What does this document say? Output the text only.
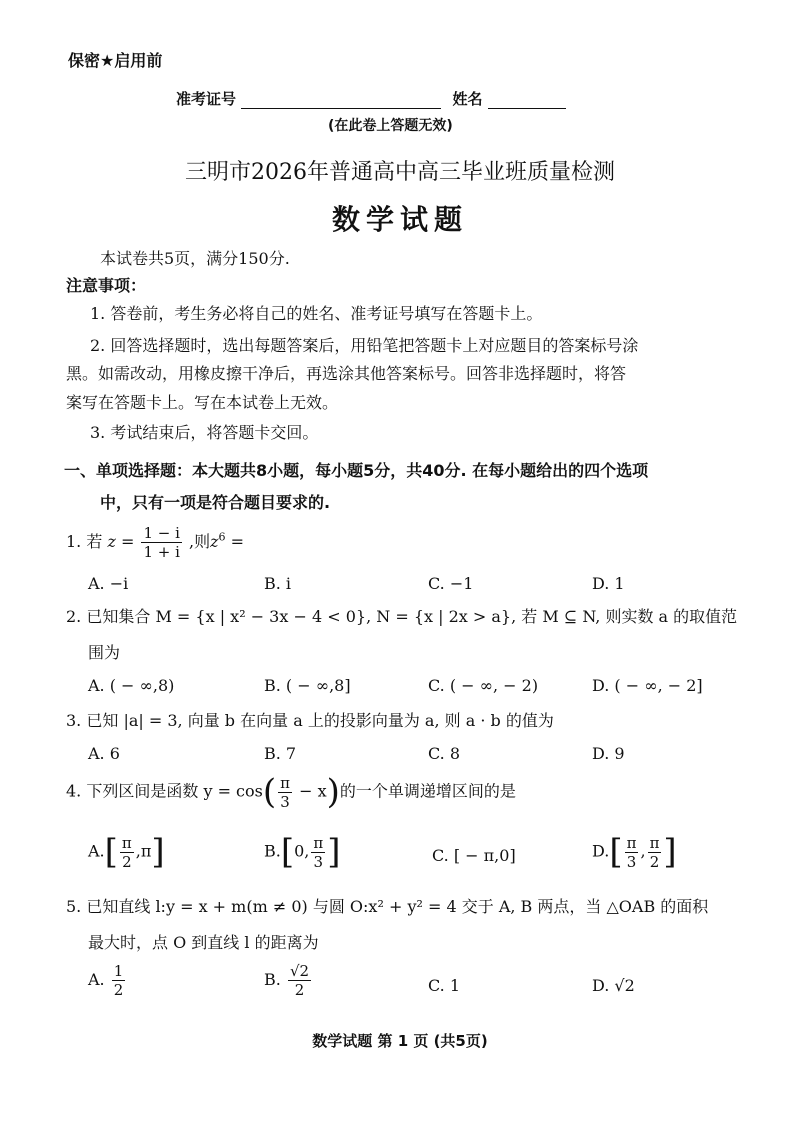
保密★启用前
准考证号	姓名
(在此卷上答题无效)
三明市2026年普通高中高三毕业班质量检测
数学试题
本试卷共5页，满分150分.
注意事项：
1. 答卷前，考生务必将自己的姓名、准考证号填写在答题卡上。
2. 回答选择题时，选出每题答案后，用铅笔把答题卡上对应题目的答案标号涂
黑。如需改动，用橡皮擦干净后，再选涂其他答案标号。回答非选择题时，将答
案写在答题卡上。写在本试卷上无效。
3. 考试结束后，将答题卡交回。
一、单项选择题：本大题共8小题，每小题5分，共40分. 在每小题给出的四个选项
中，只有一项是符合题目要求的.
1. 若 $z = \frac{1 - i}{1 + i}$ ,则$z^6$ =
A. −i	B. i	C. −1	D. 1
2. 已知集合 M = {x | x² − 3x − 4 < 0}, N = {x | 2x > a}, 若 M ⊆ N, 则实数 a 的取值范
围为
A. ( − ∞,8)	B. ( − ∞,8]	C. ( − ∞, − 2)	D. ( − ∞, − 2]
3. 已知 |a| = 3, 向量 b 在向量 a 上的投影向量为 a, 则 a · b 的值为
A. 6	B. 7	C. 8	D. 9
4. 下列区间是函数 $y = \cos( \frac{\pi}{3} - x)$的一个单调递增区间的是
$A.[ \frac{\pi}{2} ,\pi]$	B.[0, $\frac{\pi}{3}$ ]	C. [ − π,0]	$D.[ \frac{\pi}{3}$ , $\frac{\pi}{2}$ ]
5. 已知直线 l:y = x + m(m ≠ 0) 与圆 O:x² + y² = 4 交于 A, B 两点，当 △OAB 的面积
最大时，点 O 到直线 l 的距离为
A. $\frac{1}{2}$	B. $\frac{√2}{2}$	C. 1	D. √2
数学试题 第 1 页 (共5页)
